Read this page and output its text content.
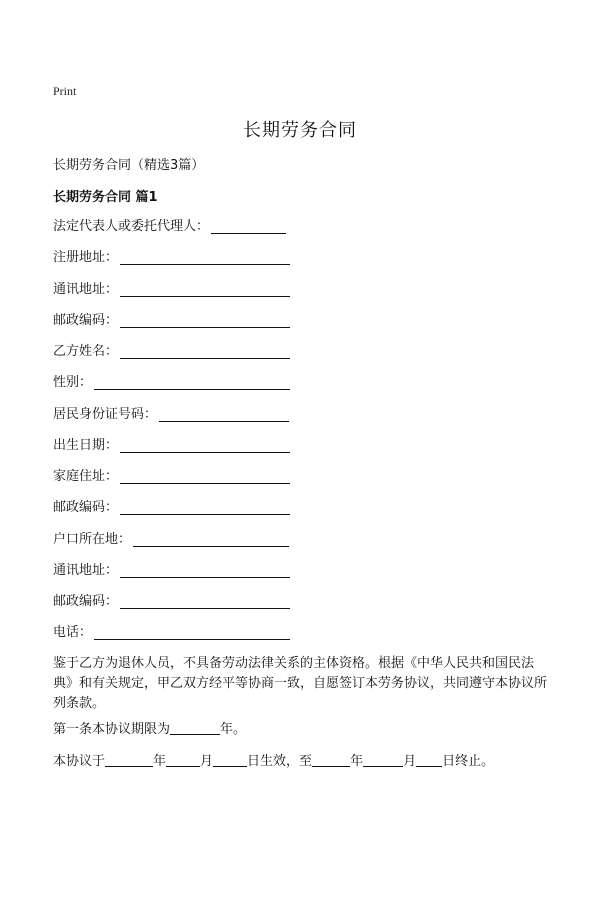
Print
长期劳务合同
长期劳务合同（精选3篇）
长期劳务合同 篇1
法定代表人或委托代理人：
注册地址：
通讯地址：
邮政编码：
乙方姓名：
性别：
居民身份证号码：
出生日期：
家庭住址：
邮政编码：
户口所在地：
通讯地址：
邮政编码：
电话：
鉴于乙方为退休人员，不具备劳动法律关系的主体资格。根据《中华人民共和国民法典》和有关规定，甲乙双方经平等协商一致，自愿签订本劳务协议，共同遵守本协议所列条款。
第一条本协议期限为	年。
本协议于	年	月	日生效，至	年	月 日终止。
